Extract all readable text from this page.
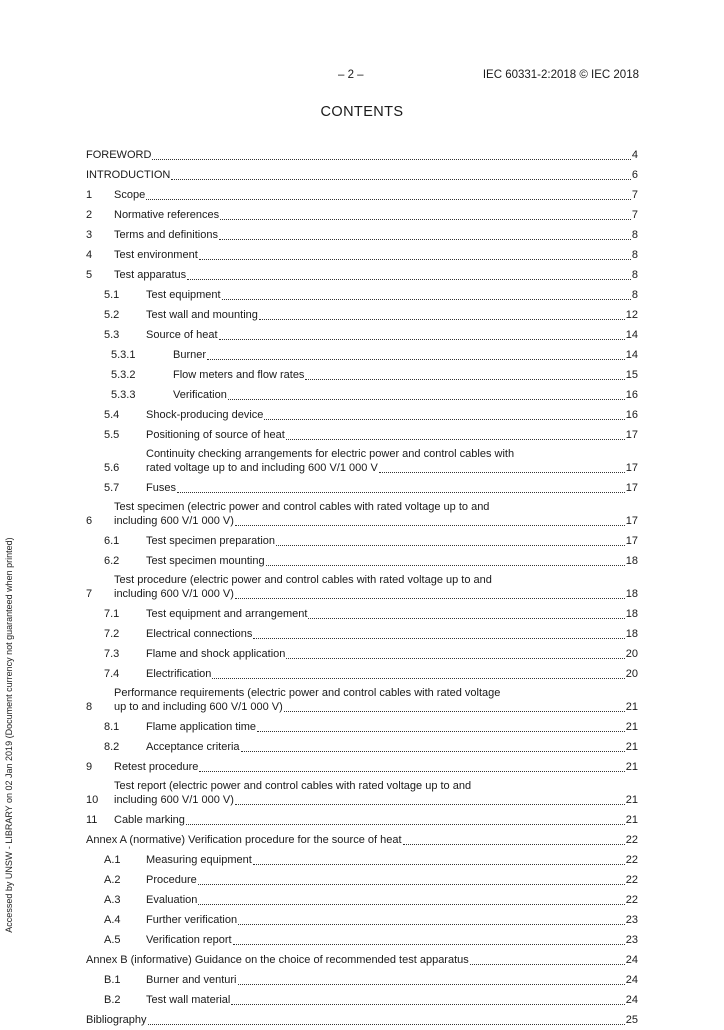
– 2 –	IEC 60331-2:2018 © IEC 2018
CONTENTS
Accessed by UNSW - LIBRARY on 02 Jan 2019 (Document currency not guaranteed when printed)
FOREWORD	4
INTRODUCTION	6
1 Scope	7
2 Normative references	7
3 Terms and definitions	8
4 Test environment	8
5 Test apparatus	8
5.1 Test equipment	8
5.2 Test wall and mounting	12
5.3 Source of heat	14
5.3.1	Burner	14
5.3.2	Flow meters and flow rates	15
5.3.3	Verification	16
5.4 Shock-producing device	16
5.5 Positioning of source of heat	17
5.6
Continuity checking arrangements for electric power and control cables with
rated voltage up to and including 600 V/1 000 V	17
5.7 Fuses	17
6
Test specimen (electric power and control cables with rated voltage up to and
including 600 V/1 000 V)	17
6.1 Test specimen preparation	17
6.2 Test specimen mounting	18
7
Test procedure (electric power and control cables with rated voltage up to and
including 600 V/1 000 V)	18
7.1 Test equipment and arrangement	18
7.2 Electrical connections	18
7.3 Flame and shock application	20
7.4 Electrification	20
8
Performance requirements (electric power and control cables with rated voltage
up to and including 600 V/1 000 V)	21
8.1 Flame application time	21
8.2 Acceptance criteria	21
9 Retest procedure	21
10
Test report (electric power and control cables with rated voltage up to and
including 600 V/1 000 V)	21
11 Cable marking	21
Annex A (normative) Verification procedure for the source of heat	22
A.1 Measuring equipment	22
A.2 Procedure	22
A.3 Evaluation	22
A.4 Further verification	23
A.5 Verification report	23
Annex B (informative) Guidance on the choice of recommended test apparatus	24
B.1 Burner and venturi	24
B.2 Test wall material	24
Bibliography	25
